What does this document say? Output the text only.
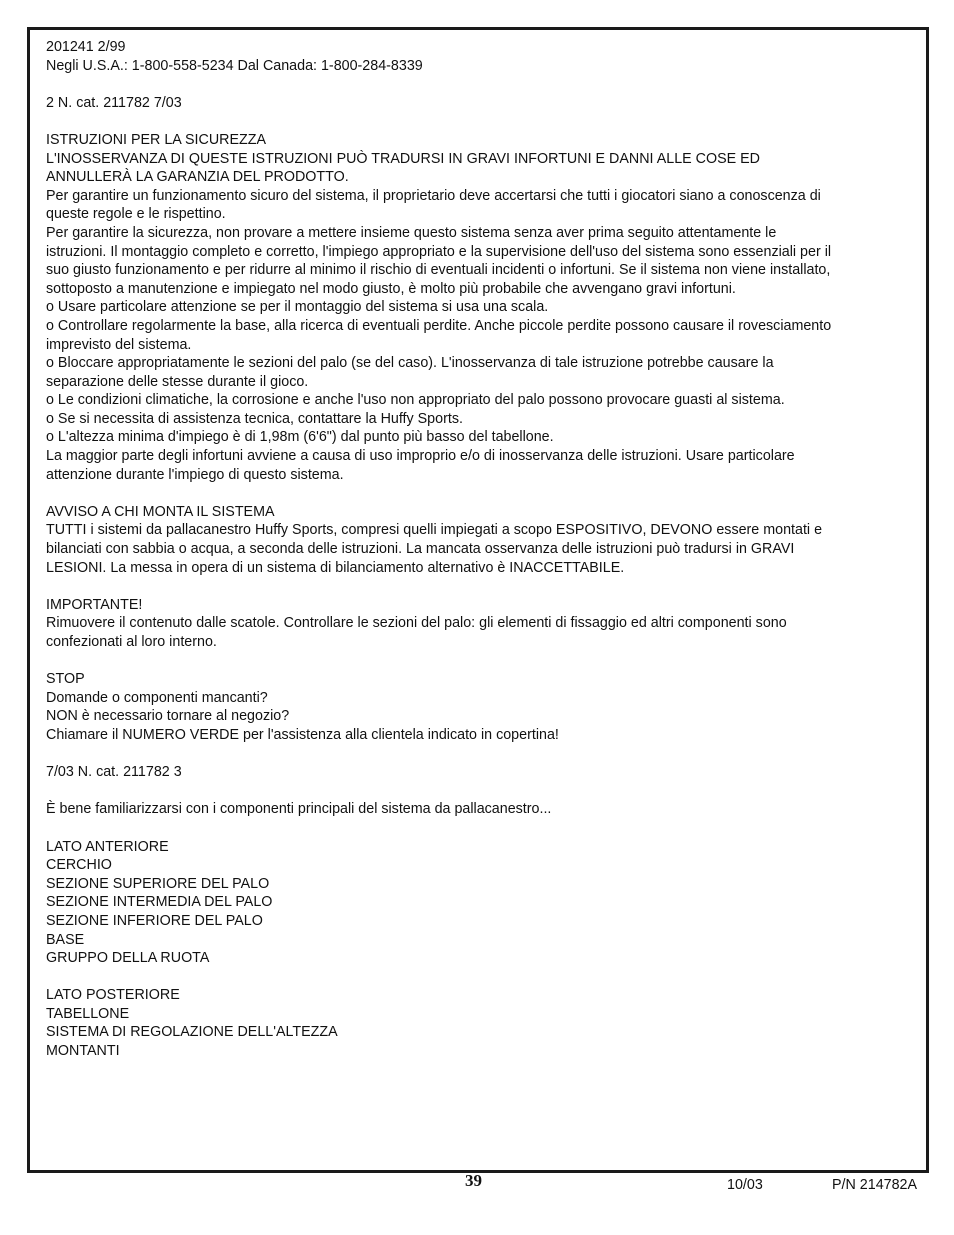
201241 2/99

Negli U.S.A.: 1-800-558-5234 Dal Canada: 1-800-284-8339

2 N. cat. 211782 7/03

ISTRUZIONI PER LA SICUREZZA

L'INOSSERVANZA DI QUESTE ISTRUZIONI PUÒ TRADURSI IN GRAVI INFORTUNI E DANNI ALLE COSE ED

ANNULLERÀ LA GARANZIA DEL PRODOTTO.

Per garantire un funzionamento sicuro del sistema, il proprietario deve accertarsi che tutti i giocatori siano a conoscenza di

queste regole e le rispettino.

Per garantire la sicurezza, non provare a mettere insieme questo sistema senza aver prima seguito attentamente le

istruzioni. Il montaggio completo e corretto, l'impiego appropriato e la supervisione dell'uso del sistema sono essenziali per il

suo giusto funzionamento e per ridurre al minimo il rischio di eventuali incidenti o infortuni. Se il sistema non viene installato,

sottoposto a manutenzione e impiegato nel modo giusto, è molto più probabile che avvengano gravi infortuni.

o Usare particolare attenzione se per il montaggio del sistema si usa una scala.

o Controllare regolarmente la base, alla ricerca di eventuali perdite. Anche piccole perdite possono causare il rovesciamento

imprevisto del sistema.

o Bloccare appropriatamente le sezioni del palo (se del caso). L'inosservanza di tale istruzione potrebbe causare la

separazione delle stesse durante il gioco.

o Le condizioni climatiche, la corrosione e anche l'uso non appropriato del palo possono provocare guasti al sistema.

o Se si necessita di assistenza tecnica, contattare la Huffy Sports.

o L'altezza minima d'impiego è di 1,98m (6'6") dal punto più basso del tabellone.

La maggior parte degli infortuni avviene a causa di uso improprio e/o di inosservanza delle istruzioni. Usare particolare

attenzione durante l'impiego di questo sistema.

AVVISO A CHI MONTA IL SISTEMA

TUTTI i sistemi da pallacanestro Huffy Sports, compresi quelli impiegati a scopo ESPOSITIVO, DEVONO essere montati e

bilanciati con sabbia o acqua, a seconda delle istruzioni. La mancata osservanza delle istruzioni può tradursi in GRAVI

LESIONI. La messa in opera di un sistema di bilanciamento alternativo è INACCETTABILE.

IMPORTANTE!

Rimuovere il contenuto dalle scatole. Controllare le sezioni del palo: gli elementi di fissaggio ed altri componenti sono

confezionati al loro interno.

STOP

Domande o componenti mancanti?

NON è necessario tornare al negozio?

Chiamare il NUMERO VERDE per l'assistenza alla clientela indicato in copertina!

7/03 N. cat. 211782 3

È bene familiarizzarsi con i componenti principali del sistema da pallacanestro...

LATO ANTERIORE

CERCHIO

SEZIONE SUPERIORE DEL PALO

SEZIONE INTERMEDIA DEL PALO

SEZIONE INFERIORE DEL PALO

BASE

GRUPPO DELLA RUOTA

LATO POSTERIORE

TABELLONE

SISTEMA DI REGOLAZIONE DELL'ALTEZZA

MONTANTI

39	10/03	P/N 214782A
